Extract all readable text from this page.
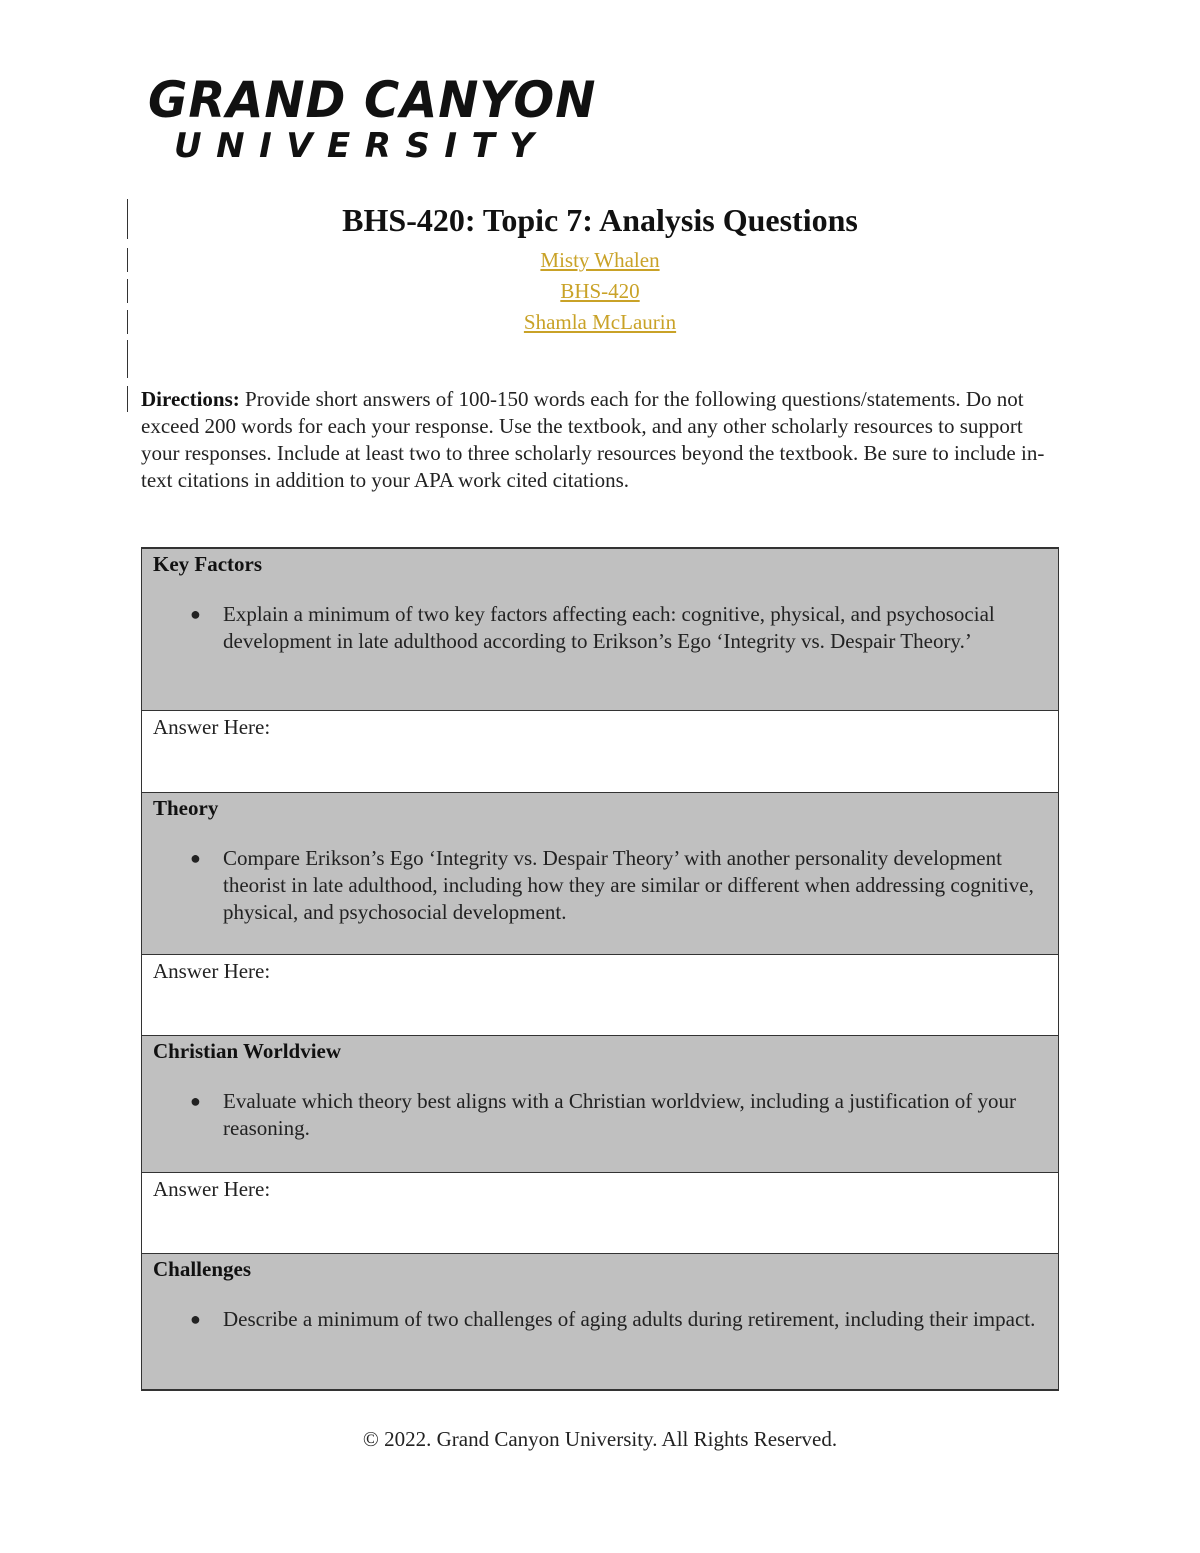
GRAND CANYON
UNIVERSITY
BHS-420: Topic 7: Analysis Questions
Misty Whalen
BHS-420
Shamla McLaurin
Directions: Provide short answers of 100-150 words each for the following questions/statements. Do not exceed 200 words for each your response. Use the textbook, and any other scholarly resources to support your responses. Include at least two to three scholarly resources beyond the textbook. Be sure to include in-text citations in addition to your APA work cited citations.
Key Factors
● Explain a minimum of two key factors affecting each: cognitive, physical, and psychosocial development in late adulthood according to Erikson’s Ego ‘Integrity vs. Despair Theory.’

Answer Here:

Theory
● Compare Erikson’s Ego ‘Integrity vs. Despair Theory’ with another personality development theorist in late adulthood, including how they are similar or different when addressing cognitive, physical, and psychosocial development.

Answer Here:

Christian Worldview
● Evaluate which theory best aligns with a Christian worldview, including a justification of your reasoning.

Answer Here:

Challenges
● Describe a minimum of two challenges of aging adults during retirement, including their impact.
© 2022. Grand Canyon University. All Rights Reserved.
